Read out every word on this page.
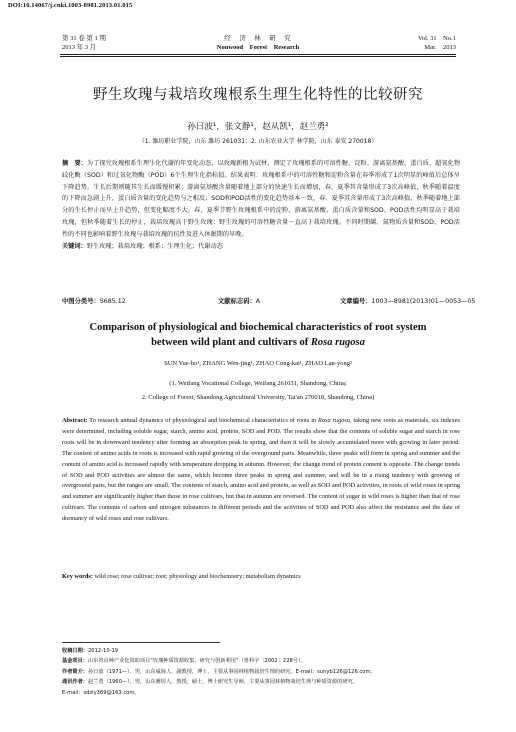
DOI:10.14067/j.cnki.1003-8981.2013.01.015
第 31 卷 第 1 期
2013 年 3 月
经　济　林　研　究
Nonwood　Forest　Research
Vol. 31　No.1
Mar.　2013
野生玫瑰与栽培玫瑰根系生理生化特性的比较研究
孙曰波¹，张文静¹，赵从凯¹，赵兰勇²
（1. 潍坊职业学院，山东 潍坊 261031；2. 山东农业大学 林学院，山东 泰安 270018）
摘　要：为了探究玫瑰根系生理生化代谢的年变化动态，以玫瑰新根为试材，测定了玫瑰根系的可溶性糖、淀粉、游离氨基酸、蛋白质、超氧化物歧化酶（SOD）和过氧化物酶（POD）6个生理生化指标值。结果表明：玫瑰根系中的可溶性糖和淀粉含量在春季形成了1次明显的峰值后总体呈下降趋势，生长后期则随其生长而缓慢积累；游离氨基酸含量随着地上部分的快速生长而增加，春、夏季其含量形成了3次高峰值，秋季随着温度的下降而急剧上升，蛋白质含量的变化趋势与之相反；SOD和POD活性的变化趋势基本一致，春、夏季其含量形成了3次高峰值，秋季随着地上部分的生长停止而呈上升趋势，但变化幅度不大。春、夏季节野生玫瑰根系中的淀粉、游离氨基酸、蛋白质含量和SOD、POD活性均明显高于栽培玫瑰，但秋季随着生长的停止，栽培玫瑰高于野生玫瑰；野生玫瑰的可溶性糖含量一直高于栽培玫瑰。不同时期碳、氮物质含量和SOD、POD活性的不同也影响着野生玫瑰与栽培玫瑰的抗性及进入休眠期的早晚。
关键词：野生玫瑰；栽培玫瑰；根系；生理生化；代谢动态
中图分类号：S685.12	文献标志码：A	文章编号：1003—8981(2013)01—0053—05
Comparison of physiological and biochemical characteristics of root system
between wild plant and cultivars of Rosa rugosa
SUN Yue-bo¹, ZHANG Wen-jing¹, ZHAO Cong-kai¹, ZHAO Lan-yong²
(1. Weifang Vocational College, Weifang 261031, Shandong, China;
2. College of Forest, Shandong Agricultural University, Tai'an 270018, Shandong, China)
Abstract: To research annual dynamics of physiological and biochemical characteristics of roots in Rosa rugosa, taking new roots as materials, six indexes were determined, including soluble sugar, starch, amino acid, protein, SOD and POD. The results show that the contents of soluble sugar and starch in rose roots will be in downward tendency after forming an absorption peak in spring, and then it will be slowly accumulated more with growing in later period. The content of amino acids in roots is increased with rapid growing of the overground parts. Meanwhile, three peaks will form in spring and summer and the content of amino acid is increased rapidly with temperature dropping in autumn. However, the change trend of protein content is opposite. The change trends of SOD and POD activities are almost the same, which become three peaks in spring and summer, and will be in a rising tendency with growing of overground parts, but the ranges are small. The contents of starch, amino acid and protein, as well as SOD and POD activities, in roots of wild roses in spring and summer are significantly higher than those in rose cultivars, but that in autumn are reversed. The content of sugar in wild roses is higher than that of rose cultivars. The contents of carbon and nitrogen substances in different periods and the activities of SOD and POD also affect the resistance and the date of dormancy of wild roses and rose cultivars.
Key words: wild rose; rose cultivar; root; physiology and biochemistry; metabolism dynamics
收稿日期：2012-10-19
基金项目：山东省良种产业化资助项目“玫瑰种质资源收集、研究与创新利用”（鲁科字〔2002〕228号）。
作者简介：孙曰波（1971—），男，山东威海人，副教授，博士，主要从事园林植物栽培生理的研究。E-mail：sunyb126@126.com。
通讯作者：赵兰勇（1960—），男，山东潍坊人，教授，硕士，博士研究生导师，主要从事园林植物栽培生理与种质资源的研究。
E-mail：sdzly369@163.com。
